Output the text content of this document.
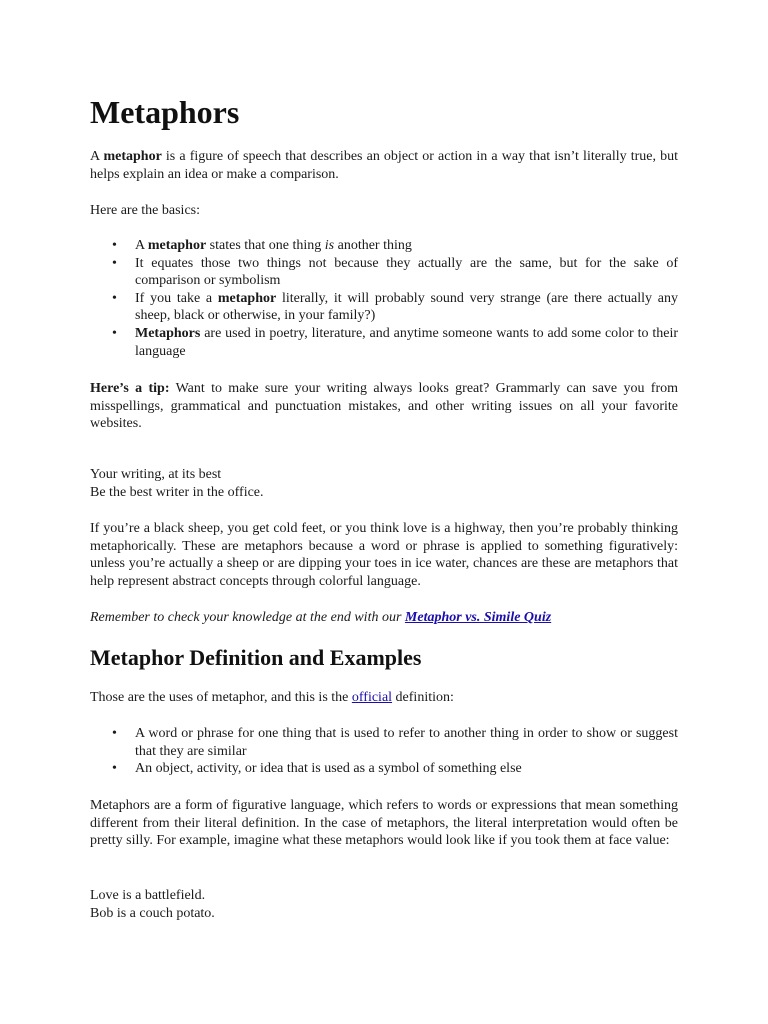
Metaphors

A metaphor is a figure of speech that describes an object or action in a way that isn’t literally true, but helps explain an idea or make a comparison.

Here are the basics:

• A metaphor states that one thing is another thing
• It equates those two things not because they actually are the same, but for the sake of comparison or symbolism
• If you take a metaphor literally, it will probably sound very strange (are there actually any sheep, black or otherwise, in your family?)
• Metaphors are used in poetry, literature, and anytime someone wants to add some color to their language

Here’s a tip: Want to make sure your writing always looks great? Grammarly can save you from misspellings, grammatical and punctuation mistakes, and other writing issues on all your favorite websites.

Your writing, at its best

Be the best writer in the office.

If you’re a black sheep, you get cold feet, or you think love is a highway, then you’re probably thinking metaphorically. These are metaphors because a word or phrase is applied to something figuratively: unless you’re actually a sheep or are dipping your toes in ice water, chances are these are metaphors that help represent abstract concepts through colorful language.

Remember to check your knowledge at the end with our Metaphor vs. Simile Quiz

Metaphor Definition and Examples

Those are the uses of metaphor, and this is the official definition:

• A word or phrase for one thing that is used to refer to another thing in order to show or suggest that they are similar
• An object, activity, or idea that is used as a symbol of something else

Metaphors are a form of figurative language, which refers to words or expressions that mean something different from their literal definition. In the case of metaphors, the literal interpretation would often be pretty silly. For example, imagine what these metaphors would look like if you took them at face value:

Love is a battlefield.

Bob is a couch potato.
